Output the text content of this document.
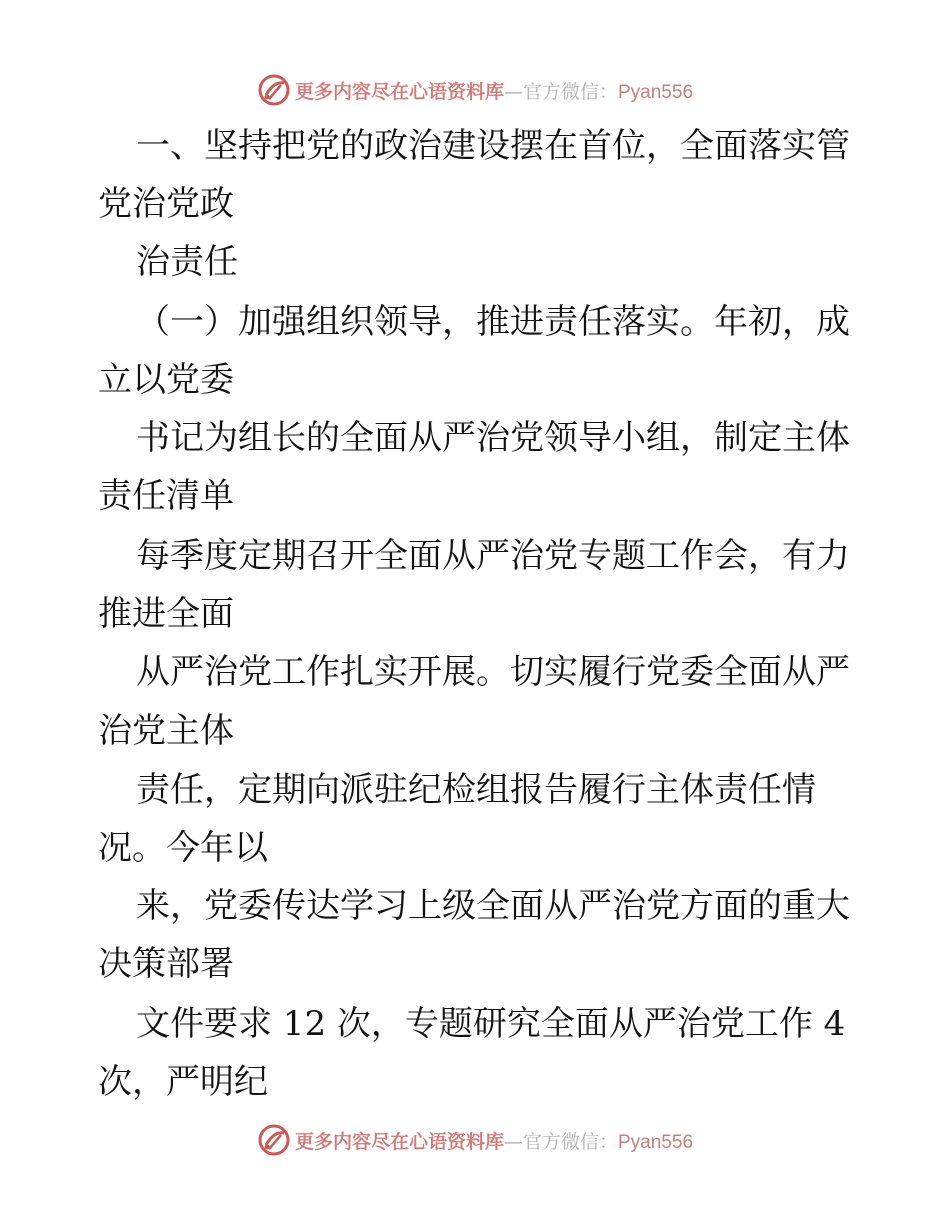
更多内容尽在心语资料库—官方微信：Pyan556
一、坚持把党的政治建设摆在首位，全面落实管
党治党政
治责任
（一）加强组织领导，推进责任落实。年初，成
立以党委
书记为组长的全面从严治党领导小组，制定主体
责任清单
每季度定期召开全面从严治党专题工作会，有力
推进全面
从严治党工作扎实开展。切实履行党委全面从严
治党主体
责任，定期向派驻纪检组报告履行主体责任情
况。今年以
来，党委传达学习上级全面从严治党方面的重大
决策部署
文件要求 12 次，专题研究全面从严治党工作 4
次，严明纪
更多内容尽在心语资料库—官方微信：Pyan556
